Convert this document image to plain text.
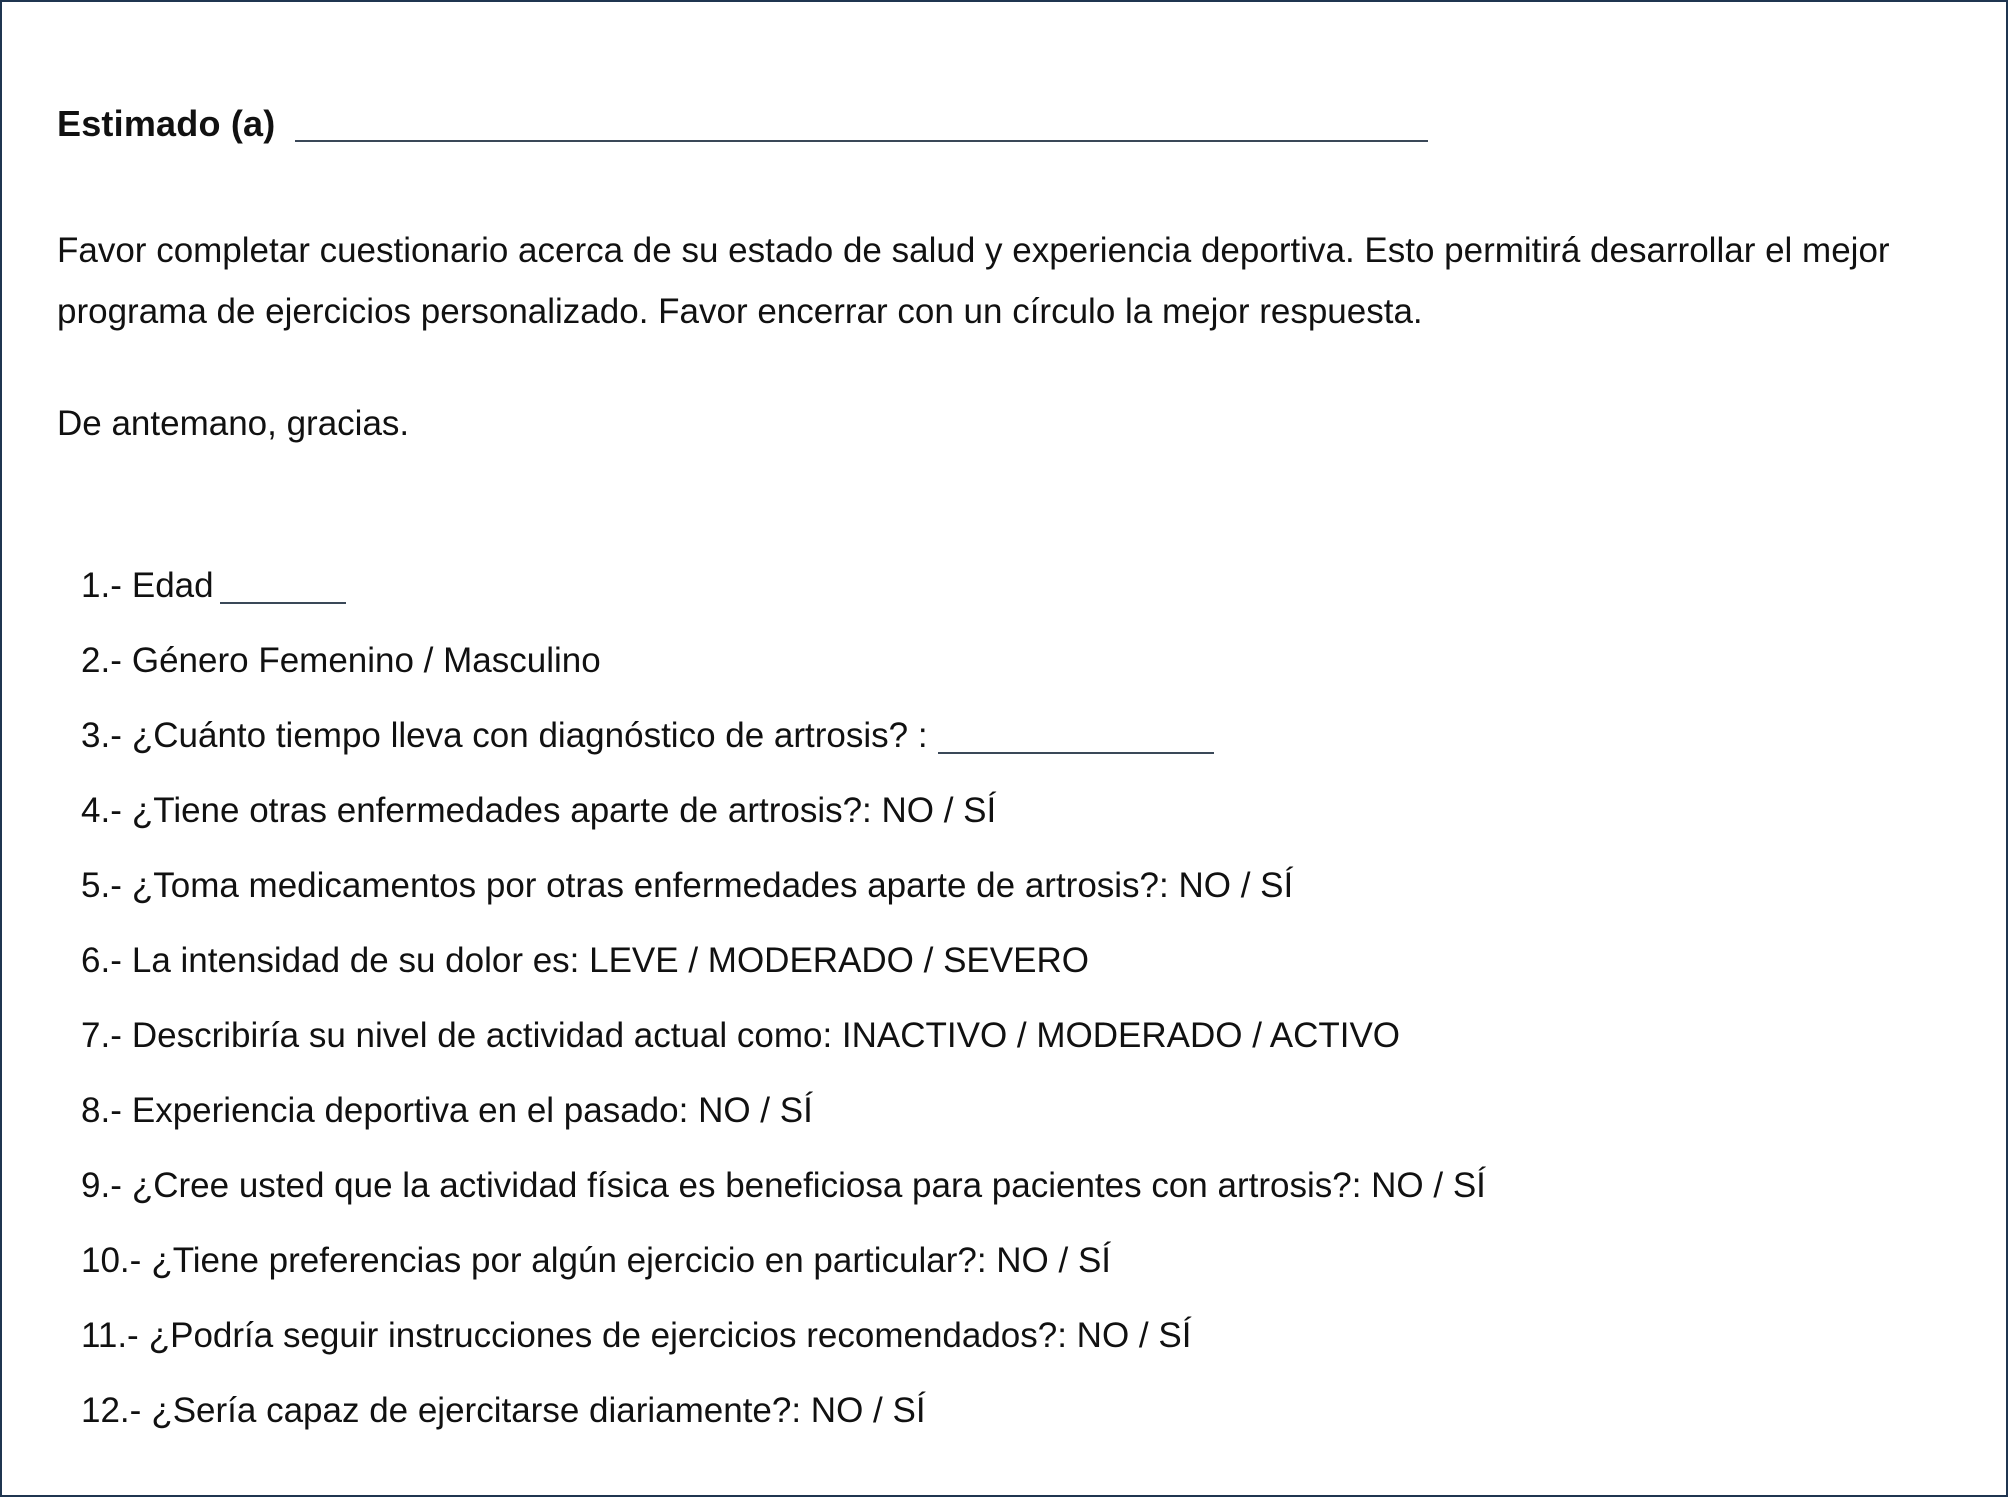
Estimado (a)
Favor completar cuestionario acerca de su estado de salud y experiencia deportiva. Esto permitirá desarrollar el mejor programa de ejercicios personalizado. Favor encerrar con un círculo la mejor respuesta.
De antemano, gracias.
1.- Edad
2.- Género Femenino / Masculino
3.- ¿Cuánto tiempo lleva con diagnóstico de artrosis? :
4.- ¿Tiene otras enfermedades aparte de artrosis?: NO / SÍ
5.- ¿Toma medicamentos por otras enfermedades aparte de artrosis?: NO / SÍ
6.- La intensidad de su dolor es: LEVE / MODERADO / SEVERO
7.- Describiría su nivel de actividad actual como: INACTIVO / MODERADO / ACTIVO
8.- Experiencia deportiva en el pasado: NO / SÍ
9.- ¿Cree usted que la actividad física es beneficiosa para pacientes con artrosis?: NO / SÍ
10.- ¿Tiene preferencias por algún ejercicio en particular?: NO / SÍ
11.- ¿Podría seguir instrucciones de ejercicios recomendados?: NO / SÍ
12.- ¿Sería capaz de ejercitarse diariamente?: NO / SÍ
